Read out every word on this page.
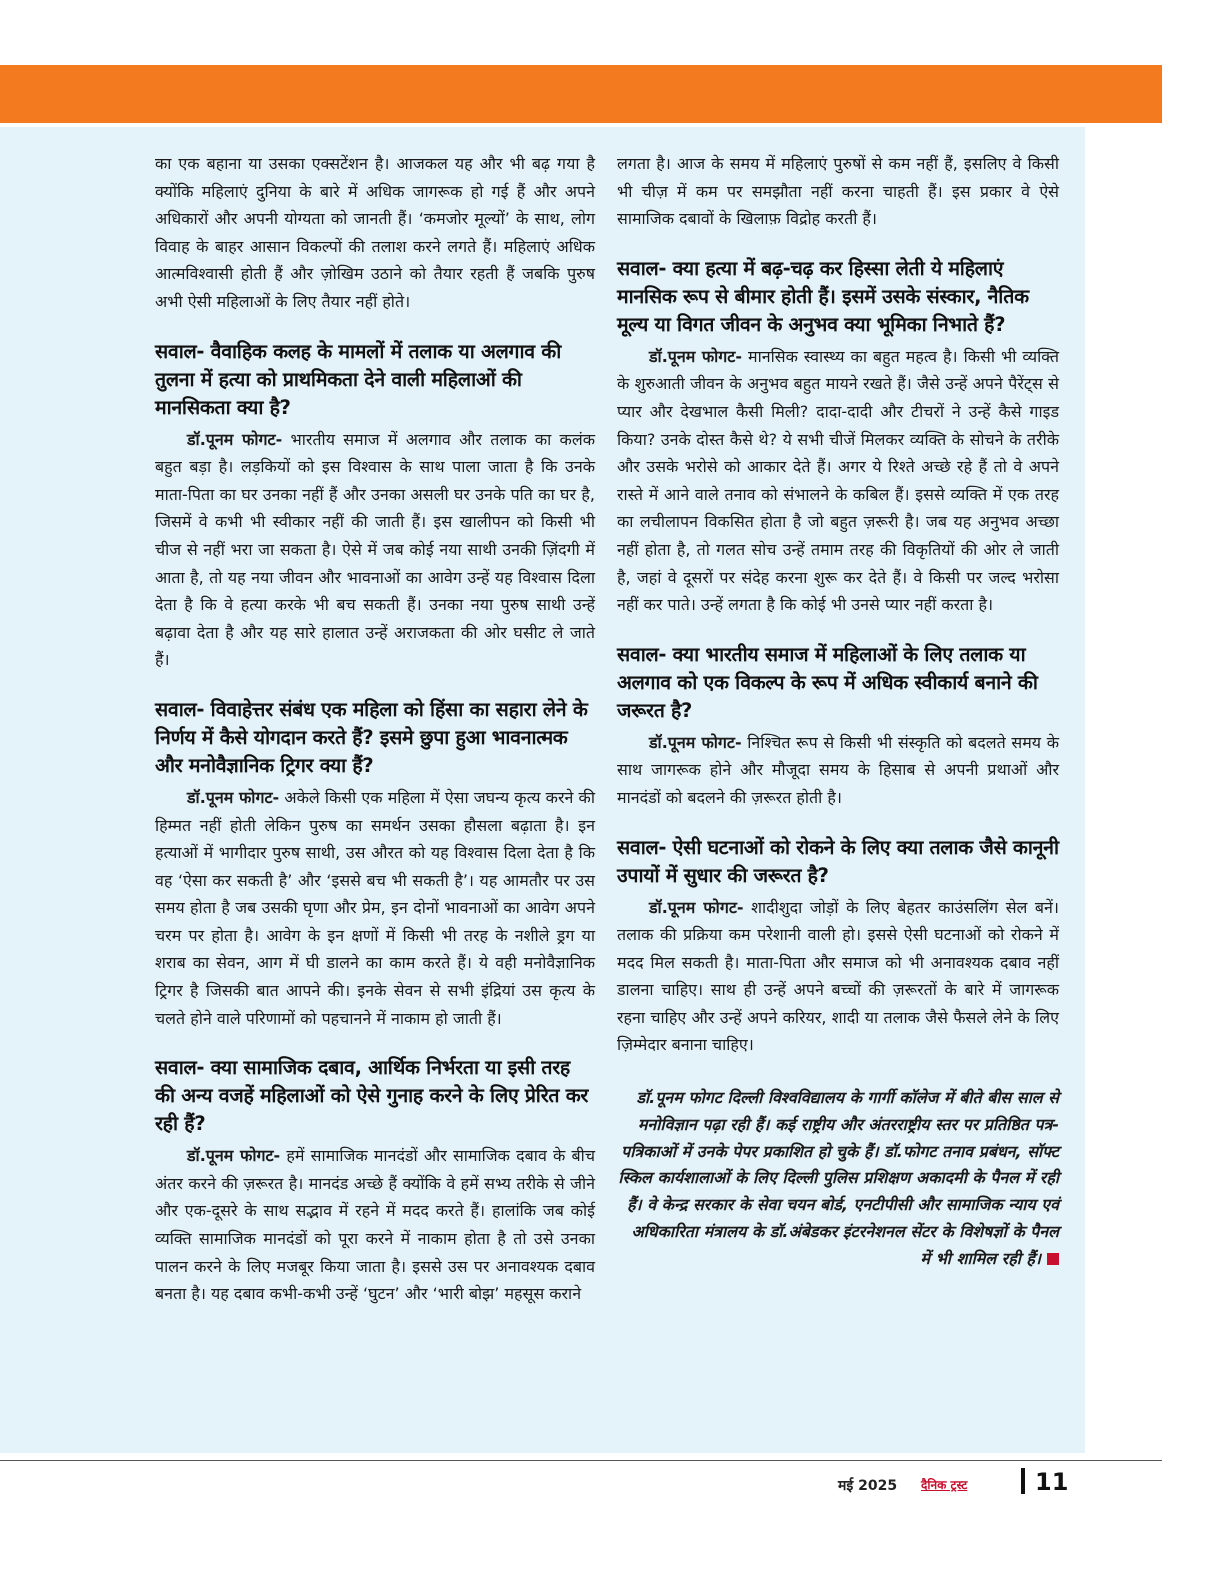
का एक बहाना या उसका एक्सटेंशन है। आजकल यह और भी बढ़ गया है क्योंकि महिलाएं दुनिया के बारे में अधिक जागरूक हो गई हैं और अपने अधिकारों और अपनी योग्यता को जानती हैं। ‘कमजोर मूल्यों’ के साथ, लोग विवाह के बाहर आसान विकल्पों की तलाश करने लगते हैं। महिलाएं अधिक आत्मविश्वासी होती हैं और ज़ोखिम उठाने को तैयार रहती हैं जबकि पुरुष अभी ऐसी महिलाओं के लिए तैयार नहीं होते।

सवाल- वैवाहिक कलह के मामलों में तलाक या अलगाव की तुलना में हत्या को प्राथमिकता देने वाली महिलाओं की मानसिकता क्या है?

डॉ.पूनम फोगट- भारतीय समाज में अलगाव और तलाक का कलंक बहुत बड़ा है। लड़कियों को इस विश्वास के साथ पाला जाता है कि उनके माता-पिता का घर उनका नहीं हैं और उनका असली घर उनके पति का घर है, जिसमें वे कभी भी स्वीकार नहीं की जाती हैं। इस खालीपन को किसी भी चीज से नहीं भरा जा सकता है। ऐसे में जब कोई नया साथी उनकी ज़िंदगी में आता है, तो यह नया जीवन और भावनाओं का आवेग उन्हें यह विश्वास दिला देता है कि वे हत्या करके भी बच सकती हैं। उनका नया पुरुष साथी उन्हें बढ़ावा देता है और यह सारे हालात उन्हें अराजकता की ओर घसीट ले जाते हैं।

सवाल- विवाहेत्तर संबंध एक महिला को हिंसा का सहारा लेने के निर्णय में कैसे योगदान करते हैं? इसमे छुपा हुआ भावनात्मक और मनोवैज्ञानिक ट्रिगर क्या हैं?

डॉ.पूनम फोगट- अकेले किसी एक महिला में ऐसा जघन्य कृत्य करने की हिम्मत नहीं होती लेकिन पुरुष का समर्थन उसका हौसला बढ़ाता है। इन हत्याओं में भागीदार पुरुष साथी, उस औरत को यह विश्वास दिला देता है कि वह ‘ऐसा कर सकती है’ और ‘इससे बच भी सकती है’। यह आमतौर पर उस समय होता है जब उसकी घृणा और प्रेम, इन दोनों भावनाओं का आवेग अपने चरम पर होता है। आवेग के इन क्षणों में किसी भी तरह के नशीले ड्रग या शराब का सेवन, आग में घी डालने का काम करते हैं। ये वही मनोवैज्ञानिक ट्रिगर है जिसकी बात आपने की। इनके सेवन से सभी इंद्रियां उस कृत्य के चलते होने वाले परिणामों को पहचानने में नाकाम हो जाती हैं।

सवाल- क्या सामाजिक दबाव, आर्थिक निर्भरता या इसी तरह की अन्य वजहें महिलाओं को ऐसे गुनाह करने के लिए प्रेरित कर रही हैं?

डॉ.पूनम फोगट- हमें सामाजिक मानदंडों और सामाजिक दबाव के बीच अंतर करने की ज़रूरत है। मानदंड अच्छे हैं क्योंकि वे हमें सभ्य तरीके से जीने और एक-दूसरे के साथ सद्भाव में रहने में मदद करते हैं। हालांकि जब कोई व्यक्ति सामाजिक मानदंडों को पूरा करने में नाकाम होता है तो उसे उनका पालन करने के लिए मजबूर किया जाता है। इससे उस पर अनावश्यक दबाव बनता है। यह दबाव कभी-कभी उन्हें ‘घुटन’ और ‘भारी बोझ’ महसूस कराने

लगता है। आज के समय में महिलाएं पुरुषों से कम नहीं हैं, इसलिए वे किसी भी चीज़ में कम पर समझौता नहीं करना चाहती हैं। इस प्रकार वे ऐसे सामाजिक दबावों के खिलाफ़ विद्रोह करती हैं।

सवाल- क्या हत्या में बढ़-चढ़ कर हिस्सा लेती ये महिलाएं मानसिक रूप से बीमार होती हैं। इसमें उसके संस्कार, नैतिक मूल्य या विगत जीवन के अनुभव क्या भूमिका निभाते हैं?

डॉ.पूनम फोगट- मानसिक स्वास्थ्य का बहुत महत्व है। किसी भी व्यक्ति के शुरुआती जीवन के अनुभव बहुत मायने रखते हैं। जैसे उन्हें अपने पैरेंट्स से प्यार और देखभाल कैसी मिली? दादा-दादी और टीचरों ने उन्हें कैसे गाइड किया? उनके दोस्त कैसे थे? ये सभी चीजें मिलकर व्यक्ति के सोचने के तरीके और उसके भरोसे को आकार देते हैं। अगर ये रिश्ते अच्छे रहे हैं तो वे अपने रास्ते में आने वाले तनाव को संभालने के कबिल हैं। इससे व्यक्ति में एक तरह का लचीलापन विकसित होता है जो बहुत ज़रूरी है। जब यह अनुभव अच्छा नहीं होता है, तो गलत सोच उन्हें तमाम तरह की विकृतियों की ओर ले जाती है, जहां वे दूसरों पर संदेह करना शुरू कर देते हैं। वे किसी पर जल्द भरोसा नहीं कर पाते। उन्हें लगता है कि कोई भी उनसे प्यार नहीं करता है।

सवाल- क्या भारतीय समाज में महिलाओं के लिए तलाक या अलगाव को एक विकल्प के रूप में अधिक स्वीकार्य बनाने की जरूरत है?

डॉ.पूनम फोगट- निश्चित रूप से किसी भी संस्कृति को बदलते समय के साथ जागरूक होने और मौजूदा समय के हिसाब से अपनी प्रथाओं और मानदंडों को बदलने की ज़रूरत होती है।

सवाल- ऐसी घटनाओं को रोकने के लिए क्या तलाक जैसे कानूनी उपायों में सुधार की जरूरत है?

डॉ.पूनम फोगट- शादीशुदा जोड़ों के लिए बेहतर काउंसलिंग सेल बनें। तलाक की प्रक्रिया कम परेशानी वाली हो। इससे ऐसी घटनाओं को रोकने में मदद मिल सकती है। माता-पिता और समाज को भी अनावश्यक दबाव नहीं डालना चाहिए। साथ ही उन्हें अपने बच्चों की ज़रूरतों के बारे में जागरूक रहना चाहिए और उन्हें अपने करियर, शादी या तलाक जैसे फैसले लेने के लिए ज़िम्मेदार बनाना चाहिए।

डॉ.पूनम फोगट दिल्ली विश्वविद्यालय के गार्गी कॉलेज में बीते बीस साल से मनोविज्ञान पढ़ा रही हैं। कई राष्ट्रीय और अंतरराष्ट्रीय स्तर पर प्रतिष्ठित पत्र-पत्रिकाओं में उनके पेपर प्रकाशित हो चुके हैं। डॉ.फोगट तनाव प्रबंधन, सॉफ्ट स्किल कार्यशालाओं के लिए दिल्ली पुलिस प्रशिक्षण अकादमी के पैनल में रही हैं। वे केन्द्र सरकार के सेवा चयन बोर्ड, एनटीपीसी और सामाजिक न्याय एवं अधिकारिता मंत्रालय के डॉ.अंबेडकर इंटरनेशनल सेंटर के विशेषज्ञों के पैनल में भी शामिल रही हैं।
मई 2025 दैनिक ट्रस्ट	11
